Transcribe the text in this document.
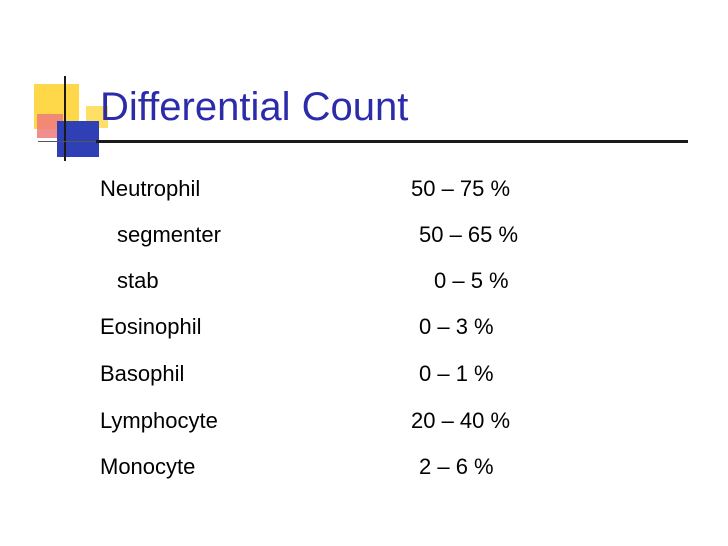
Differential Count
Neutrophil	50 – 75 %
segmenter	50 – 65 %
stab	0 – 5 %
Eosinophil	0 – 3 %
Basophil	0 – 1 %
Lymphocyte	20 – 40 %
Monocyte	2 – 6 %
